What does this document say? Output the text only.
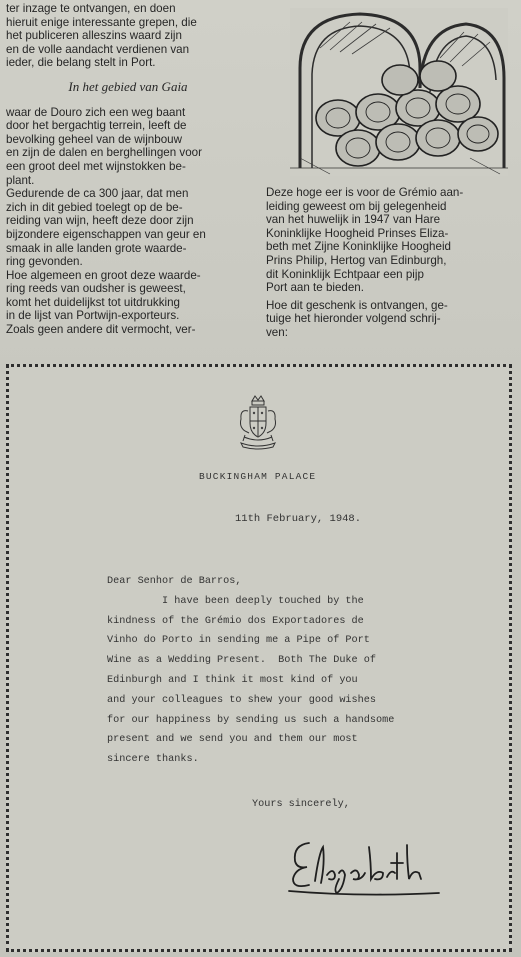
ter inzage te ontvangen, en doen

hieruit enige interessante grepen, die

het publiceren alleszins waard zijn

en de volle aandacht verdienen van

ieder, die belang stelt in Port.

In het gebied van Gaia

waar de Douro zich een weg baant

door het bergachtig terrein, leeft de

bevolking geheel van de wijnbouw

en zijn de dalen en berghellingen voor

een groot deel met wijnstokken be-

plant.

Gedurende de ca 300 jaar, dat men

zich in dit gebied toelegt op de be-

reiding van wijn, heeft deze door zijn

bijzondere eigenschappen van geur en

smaak in alle landen grote waarde-

ring gevonden.

Hoe algemeen en groot deze waarde-

ring reeds van oudsher is geweest,

komt het duidelijkst tot uitdrukking

in de lijst van Portwijn-exporteurs.

Zoals geen andere dit vermocht, ver-

Deze hoge eer is voor de Grémio aan-

leiding geweest om bij gelegenheid

van het huwelijk in 1947 van Hare

Koninklijke Hoogheid Prinses Eliza-

beth met Zijne Koninklijke Hoogheid

Prins Philip, Hertog van Edinburgh,

dit Koninklijk Echtpaar een pijp

Port aan te bieden.

Hoe dit geschenk is ontvangen, ge-

tuige het hieronder volgend schrij-

ven:

BUCKINGHAM PALACE
11th February, 1948.
Dear Senhor de Barros,
I have been deeply touched by the
kindness of the Grémio dos Exportadores de
Vinho do Porto in sending me a Pipe of Port
Wine as a Wedding Present.  Both The Duke of
Edinburgh and I think it most kind of you
and your colleagues to shew your good wishes
for our happiness by sending us such a handsome
present and we send you and them our most
sincere thanks.
Yours sincerely,
